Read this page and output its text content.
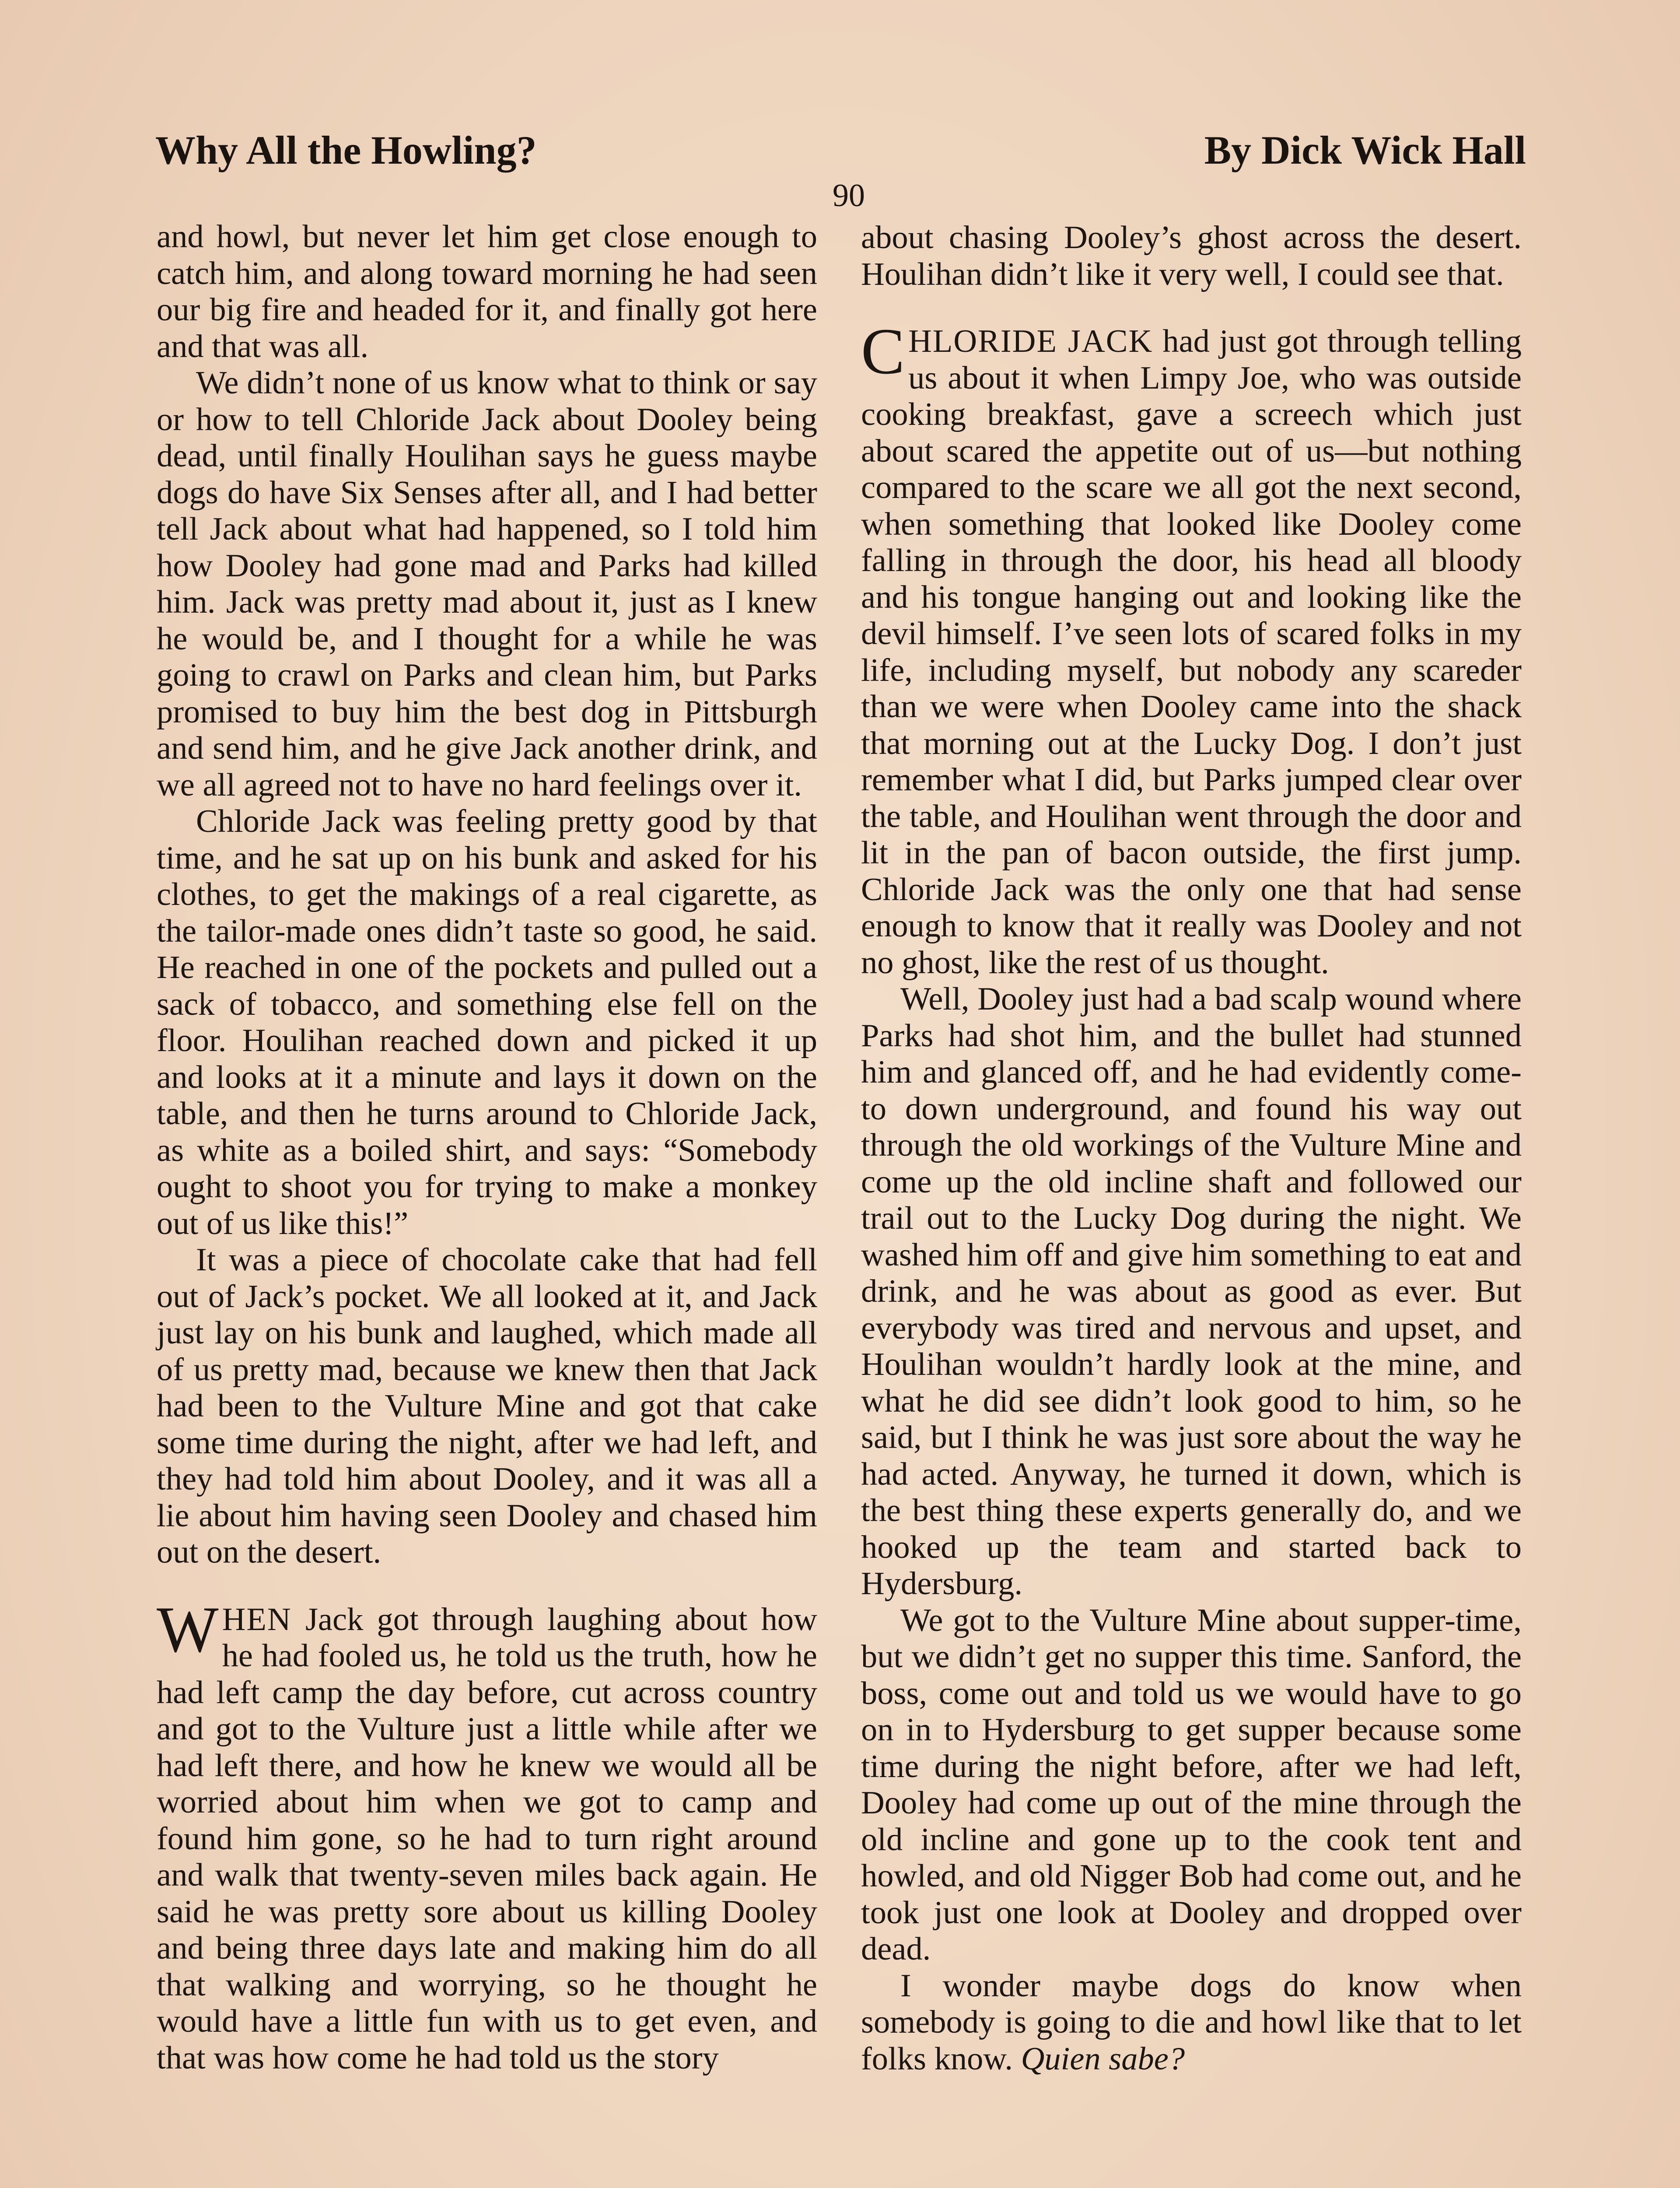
Why All the Howling?	By Dick Wick Hall
90

and howl, but never let him get close enough to catch him, and along toward morning he had seen our big fire and headed for it, and finally got here and that was all.

We didn’t none of us know what to think or say or how to tell Chloride Jack about Dooley being dead, until finally Houlihan says he guess maybe dogs do have Six Senses after all, and I had better tell Jack about what had happened, so I told him how Dooley had gone mad and Parks had killed him. Jack was pretty mad about it, just as I knew he would be, and I thought for a while he was going to crawl on Parks and clean him, but Parks promised to buy him the best dog in Pittsburgh and send him, and he give Jack another drink, and we all agreed not to have no hard feelings over it.

Chloride Jack was feeling pretty good by that time, and he sat up on his bunk and asked for his clothes, to get the makings of a real cigarette, as the tailor-made ones didn’t taste so good, he said. He reached in one of the pockets and pulled out a sack of tobacco, and something else fell on the floor. Houlihan reached down and picked it up and looks at it a minute and lays it down on the table, and then he turns around to Chloride Jack, as white as a boiled shirt, and says: “Somebody ought to shoot you for trying to make a monkey out of us like this!”

It was a piece of chocolate cake that had fell out of Jack’s pocket. We all looked at it, and Jack just lay on his bunk and laughed, which made all of us pretty mad, because we knew then that Jack had been to the Vulture Mine and got that cake some time during the night, after we had left, and they had told him about Dooley, and it was all a lie about him having seen Dooley and chased him out on the desert.

WHEN Jack got through laughing about how he had fooled us, he told us the truth, how he had left camp the day before, cut across country and got to the Vulture just a little while after we had left there, and how he knew we would all be worried about him when we got to camp and found him gone, so he had to turn right around and walk that twenty-seven miles back again. He said he was pretty sore about us killing Dooley and being three days late and making him do all that walking and worrying, so he thought he would have a little fun with us to get even, and that was how come he had told us the story

about chasing Dooley’s ghost across the desert. Houlihan didn’t like it very well, I could see that.

CHLORIDE JACK had just got through telling us about it when Limpy Joe, who was outside cooking breakfast, gave a screech which just about scared the appetite out of us—but nothing compared to the scare we all got the next second, when something that looked like Dooley come falling in through the door, his head all bloody and his tongue hanging out and looking like the devil himself. I’ve seen lots of scared folks in my life, including myself, but nobody any scareder than we were when Dooley came into the shack that morning out at the Lucky Dog. I don’t just remember what I did, but Parks jumped clear over the table, and Houlihan went through the door and lit in the pan of bacon outside, the first jump. Chloride Jack was the only one that had sense enough to know that it really was Dooley and not no ghost, like the rest of us thought.

Well, Dooley just had a bad scalp wound where Parks had shot him, and the bullet had stunned him and glanced off, and he had evidently come-to down underground, and found his way out through the old workings of the Vulture Mine and come up the old incline shaft and followed our trail out to the Lucky Dog during the night. We washed him off and give him something to eat and drink, and he was about as good as ever. But everybody was tired and nervous and upset, and Houlihan wouldn’t hardly look at the mine, and what he did see didn’t look good to him, so he said, but I think he was just sore about the way he had acted. Anyway, he turned it down, which is the best thing these experts generally do, and we hooked up the team and started back to Hydersburg.

We got to the Vulture Mine about supper-time, but we didn’t get no supper this time. Sanford, the boss, come out and told us we would have to go on in to Hydersburg to get supper because some time during the night before, after we had left, Dooley had come up out of the mine through the old incline and gone up to the cook tent and howled, and old Nigger Bob had come out, and he took just one look at Dooley and dropped over dead.

I wonder maybe dogs do know when somebody is going to die and howl like that to let folks know. Quien sabe?
